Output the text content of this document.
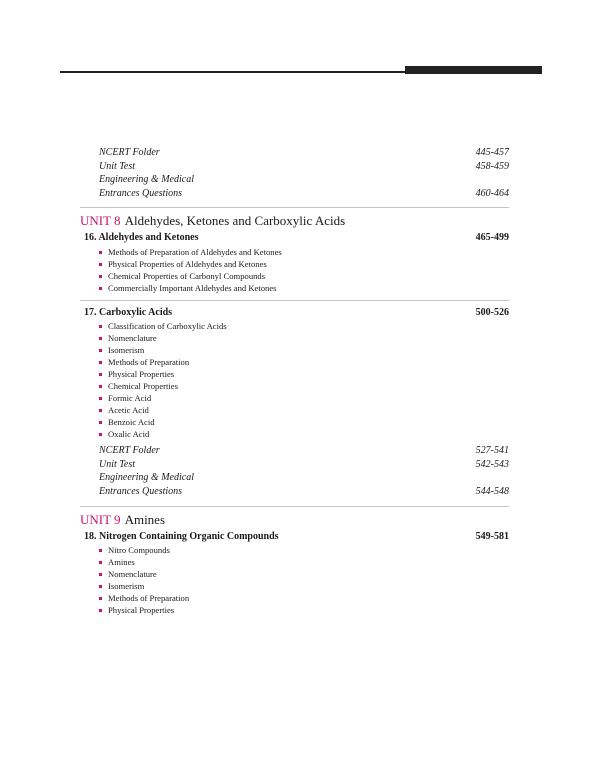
NCERT Folder	445-457
Unit Test	458-459
Engineering & Medical
Entrances Questions	460-464
UNIT 8 Aldehydes, Ketones and Carboxylic Acids
16. Aldehydes and Ketones	465-499
Methods of Preparation of Aldehydes and Ketones
Physical Properties of Aldehydes and Ketones
Chemical Properties of Carbonyl Compounds
Commercially Important Aldehydes and Ketones
17. Carboxylic Acids	500-526
Classification of Carboxylic Acids
Nomenclature
Isomerism
Methods of Preparation
Physical Properties
Chemical Properties
Formic Acid
Acetic Acid
Benzoic Acid
Oxalic Acid
NCERT Folder	527-541
Unit Test	542-543
Engineering & Medical
Entrances Questions	544-548
UNIT 9 Amines
18. Nitrogen Containing Organic Compounds	549-581
Nitro Compounds
Amines
Nomenclature
Isomerism
Methods of Preparation
Physical Properties
